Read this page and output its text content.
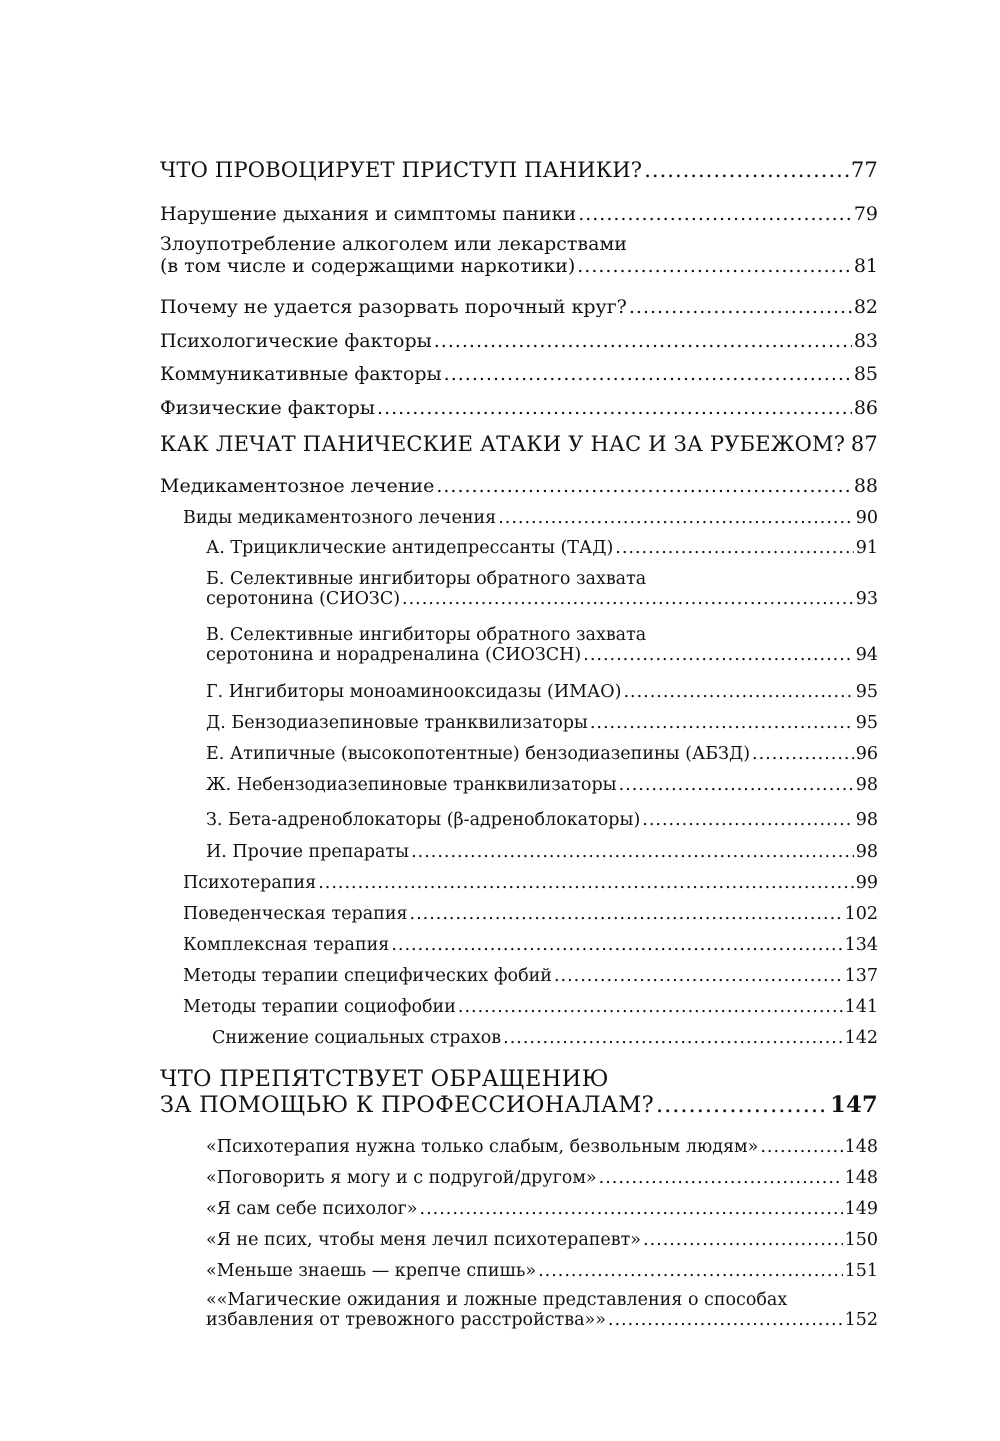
ЧТО ПРОВОЦИРУЕТ ПРИСТУП ПАНИКИ? .....	77
Нарушение дыхания и симптомы паники .....	79
Злоупотребление алкоголем или лекарствами
(в том числе и содержащими наркотики) .....	81
Почему не удается разорвать порочный круг? .....	82
Психологические факторы .....	83
Коммуникативные факторы .....	85
Физические факторы .....	86
КАК ЛЕЧАТ ПАНИЧЕСКИЕ АТАКИ У НАС И ЗА РУБЕЖОМ? ..... 87
Медикаментозное лечение .....	88
Виды медикаментозного лечения .....	90
А. Трициклические антидепрессанты (ТАД) .....	91
Б. Селективные ингибиторы обратного захвата
серотонина (СИОЗС) .....	93
В. Селективные ингибиторы обратного захвата
серотонина и норадреналина (СИОЗСН) .....	94
Г. Ингибиторы моноаминооксидазы (ИМАО) .....	95
Д. Бензодиазепиновые транквилизаторы .....	95
Е. Атипичные (высокопотентные) бензодиазепины (АБЗД) .....	96
Ж. Небензодиазепиновые транквилизаторы .....	98
З. Бета-адреноблокаторы (β-адреноблокаторы) .....	98
И. Прочие препараты .....	98
Психотерапия .....	99
Поведенческая терапия .....	102
Комплексная терапия .....	134
Методы терапии специфических фобий .....	137
Методы терапии социофобии .....	141
Снижение социальных страхов .....	142
ЧТО ПРЕПЯТСТВУЕТ ОБРАЩЕНИЮ
ЗА ПОМОЩЬЮ К ПРОФЕССИОНАЛАМ? .....	147
«Психотерапия нужна только слабым, безвольным людям» .....	148
«Поговорить я могу и с подругой/другом» .....	148
«Я сам себе психолог» .....	149
«Я не псих, чтобы меня лечил психотерапевт» .....	150
«Меньше знаешь — крепче спишь» .....	151
««Магические ожидания и ложные представления о способах
избавления от тревожного расстройства»» .....	152
